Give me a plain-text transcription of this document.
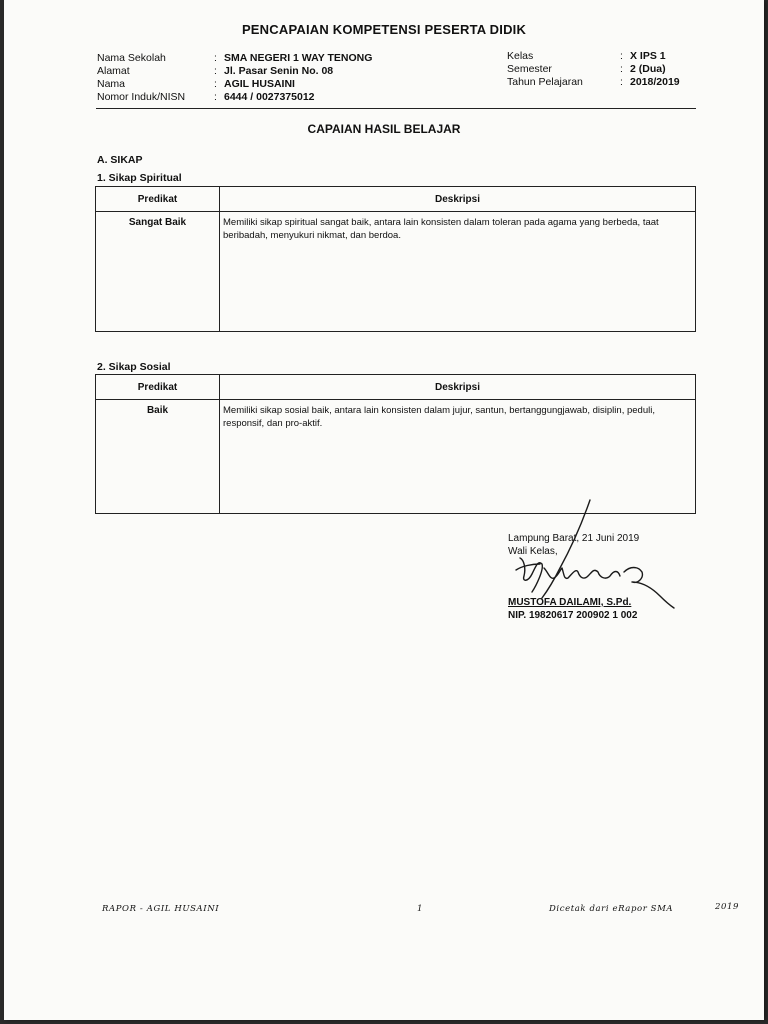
PENCAPAIAN KOMPETENSI PESERTA DIDIK
Nama Sekolah	: SMA NEGERI 1 WAY TENONG
Alamat	: Jl. Pasar Senin No. 08
Nama	: AGIL HUSAINI
Nomor Induk/NISN	: 6444 / 0027375012
Kelas	: X IPS 1
Semester	: 2 (Dua)
Tahun Pelajaran	: 2018/2019
CAPAIAN HASIL BELAJAR
A. SIKAP
1. Sikap Spiritual
Predikat	Deskripsi
Sangat Baik	Memiliki sikap spiritual sangat baik, antara lain konsisten dalam toleran pada agama yang berbeda, taat beribadah, menyukuri nikmat, dan berdoa.
2. Sikap Sosial
Predikat	Deskripsi
Baik	Memiliki sikap sosial baik, antara lain konsisten dalam jujur, santun, bertanggungjawab, disiplin, peduli, responsif, dan pro-aktif.
Lampung Barat, 21 Juni 2019
Wali Kelas,
MUSTOFA DAILAMI, S.Pd.
NIP. 19820617 200902 1 002
RAPOR - AGIL HUSAINI	1	Dicetak dari eRapor SMA	2019
